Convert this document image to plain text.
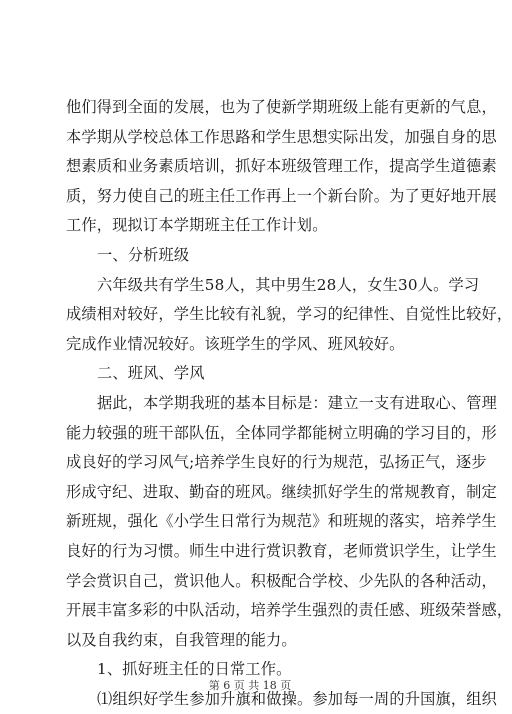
他们得到全面的发展，也为了使新学期班级上能有更新的气息，
本学期从学校总体工作思路和学生思想实际出发，加强自身的思
想素质和业务素质培训，抓好本班级管理工作，提高学生道德素
质，努力使自己的班主任工作再上一个新台阶。为了更好地开展
工作，现拟订本学期班主任工作计划。
一、分析班级
六年级共有学生58人，其中男生28人，女生30人。学习
成绩相对较好，学生比较有礼貌，学习的纪律性、自觉性比较好，
完成作业情况较好。该班学生的学风、班风较好。
二、班风、学风
据此，本学期我班的基本目标是：建立一支有进取心、管理
能力较强的班干部队伍，全体同学都能树立明确的学习目的，形
成良好的学习风气;培养学生良好的行为规范，弘扬正气，逐步
形成守纪、进取、勤奋的班风。继续抓好学生的常规教育，制定
新班规，强化《小学生日常行为规范》和班规的落实，培养学生
良好的行为习惯。师生中进行赏识教育，老师赏识学生，让学生
学会赏识自己，赏识他人。积极配合学校、少先队的各种活动，
开展丰富多彩的中队活动，培养学生强烈的责任感、班级荣誉感，
以及自我约束，自我管理的能力。
1、抓好班主任的日常工作。
⑴组织好学生参加升旗和做操。参加每一周的升国旗，组织
第 6 页 共 18 页
